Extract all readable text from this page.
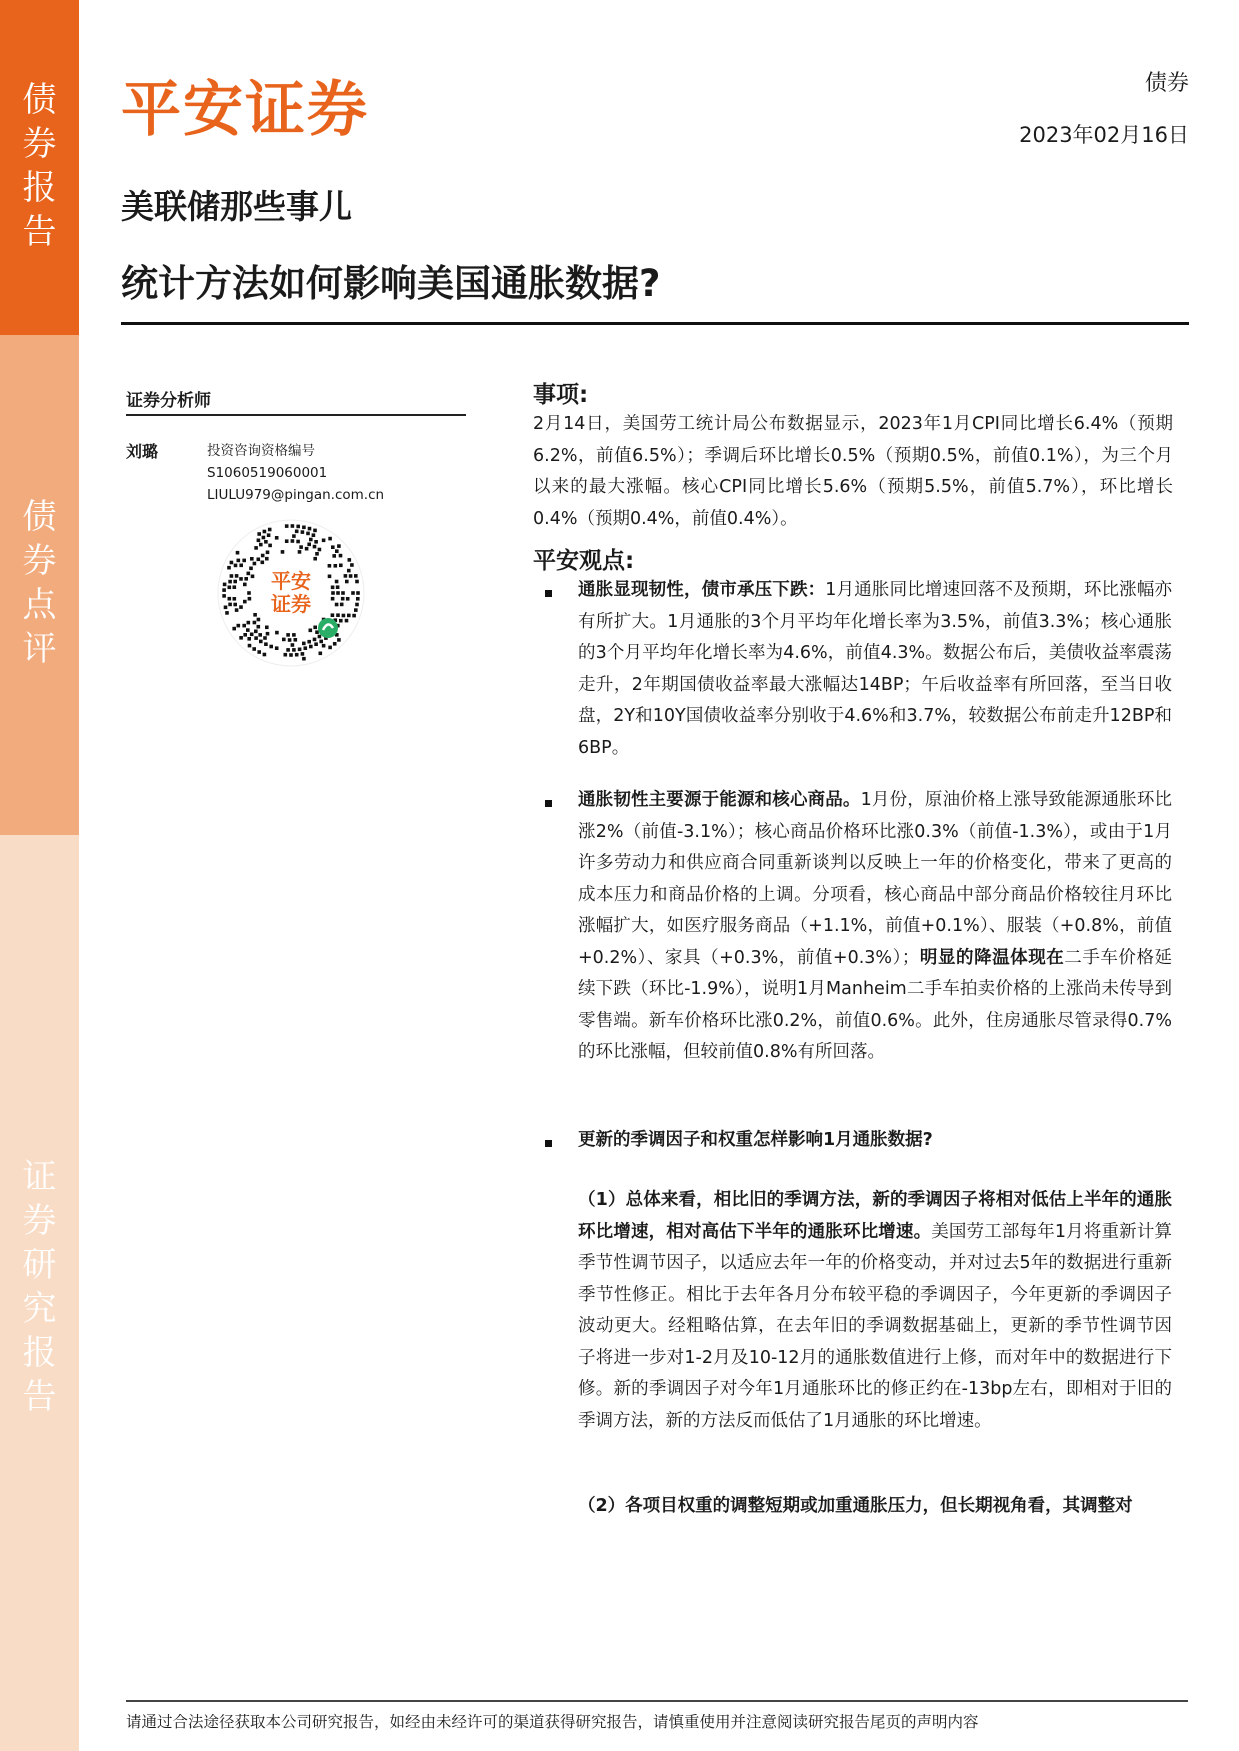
债券报告
债券点评
证券研究报告
平安证券	债券
2023年02月16日
美联储那些事儿
统计方法如何影响美国通胀数据?
证券分析师
刘璐	投资咨询资格编号
S1060519060001
LIULU979@pingan.com.cn
平安
证券
事项:
2月14日，美国劳工统计局公布数据显示，2023年1月CPI同比增长6.4%（预期6.2%，前值6.5%）；季调后环比增长0.5%（预期0.5%，前值0.1%），为三个月以来的最大涨幅。核心CPI同比增长5.6%（预期5.5%，前值5.7%），环比增长0.4%（预期0.4%，前值0.4%）。
平安观点:
通胀显现韧性，债市承压下跌：1月通胀同比增速回落不及预期，环比涨幅亦有所扩大。1月通胀的3个月平均年化增长率为3.5%，前值3.3%；核心通胀的3个月平均年化增长率为4.6%，前值4.3%。数据公布后，美债收益率震荡走升，2年期国债收益率最大涨幅达14BP；午后收益率有所回落，至当日收盘，2Y和10Y国债收益率分别收于4.6%和3.7%，较数据公布前走升12BP和6BP。
通胀韧性主要源于能源和核心商品。1月份，原油价格上涨导致能源通胀环比涨2%（前值-3.1%）；核心商品价格环比涨0.3%（前值-1.3%），或由于1月许多劳动力和供应商合同重新谈判以反映上一年的价格变化，带来了更高的成本压力和商品价格的上调。分项看，核心商品中部分商品价格较往月环比涨幅扩大，如医疗服务商品（+1.1%，前值+0.1%）、服装（+0.8%，前值+0.2%）、家具（+0.3%，前值+0.3%）；明显的降温体现在二手车价格延续下跌（环比-1.9%），说明1月Manheim二手车拍卖价格的上涨尚未传导到零售端。新车价格环比涨0.2%，前值0.6%。此外，住房通胀尽管录得0.7%的环比涨幅，但较前值0.8%有所回落。
更新的季调因子和权重怎样影响1月通胀数据?
（1）总体来看，相比旧的季调方法，新的季调因子将相对低估上半年的通胀环比增速，相对高估下半年的通胀环比增速。美国劳工部每年1月将重新计算季节性调节因子，以适应去年一年的价格变动，并对过去5年的数据进行重新季节性修正。相比于去年各月分布较平稳的季调因子，今年更新的季调因子波动更大。经粗略估算，在去年旧的季调数据基础上，更新的季节性调节因子将进一步对1-2月及10-12月的通胀数值进行上修，而对年中的数据进行下修。新的季调因子对今年1月通胀环比的修正约在-13bp左右，即相对于旧的季调方法，新的方法反而低估了1月通胀的环比增速。
（2）各项目权重的调整短期或加重通胀压力，但长期视角看，其调整对
请通过合法途径获取本公司研究报告，如经由未经许可的渠道获得研究报告，请慎重使用并注意阅读研究报告尾页的声明内容
